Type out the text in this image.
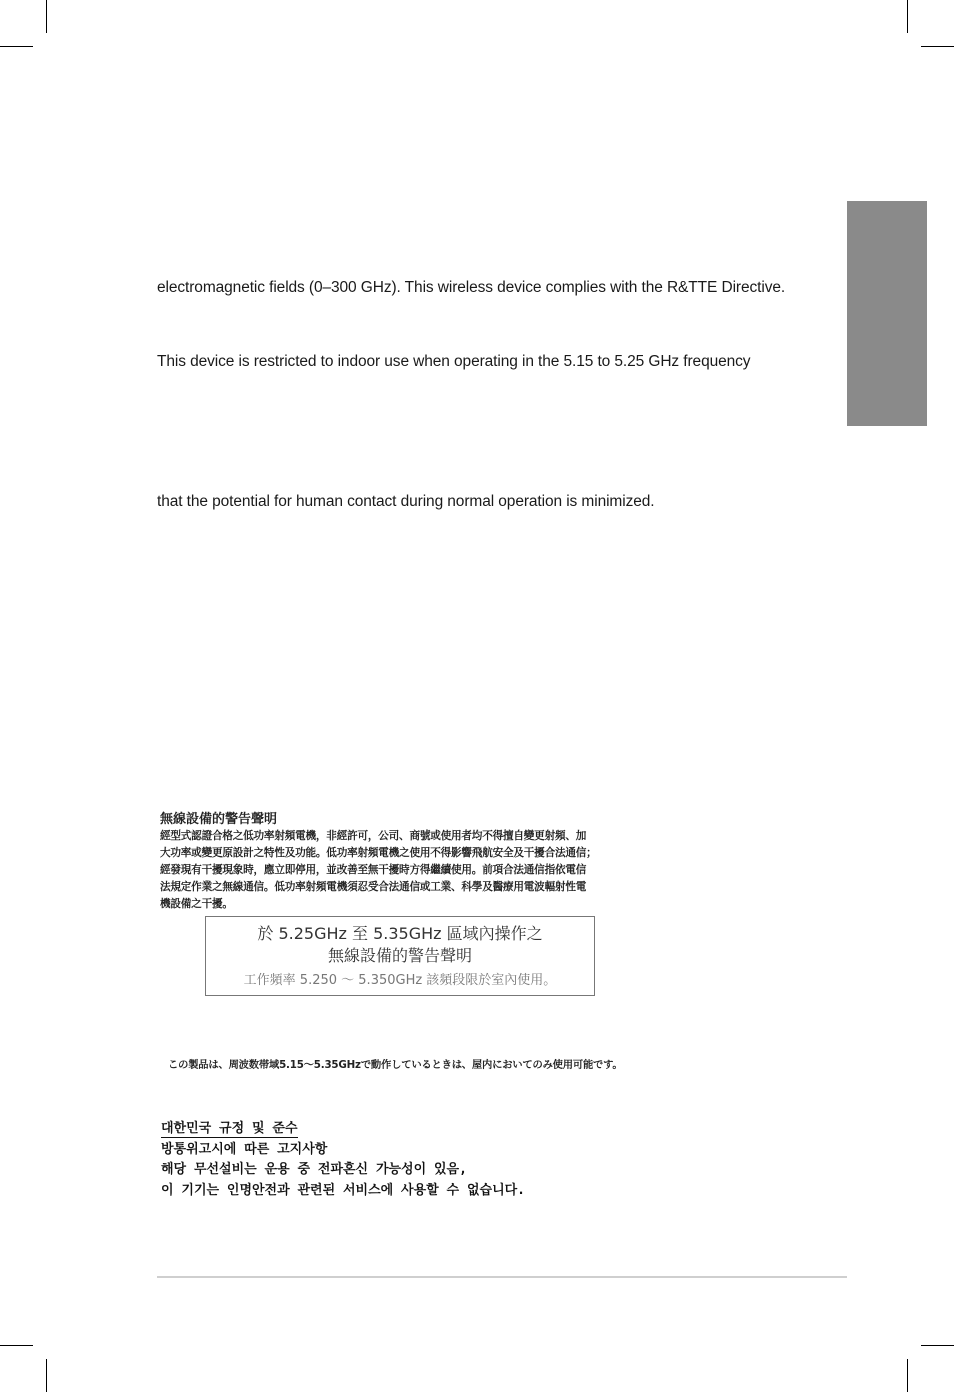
electromagnetic fields (0–300 GHz). This wireless device complies with the R&TTE Directive.
This device is restricted to indoor use when operating in the 5.15 to 5.25 GHz frequency
that the potential for human contact during normal operation is minimized.
無線設備的警告聲明
經型式認證合格之低功率射頻電機，非經許可，公司、商號或使用者均不得擅自變更射頻、加
大功率或變更原設計之特性及功能。低功率射頻電機之使用不得影響飛航安全及干擾合法通信；
經發現有干擾現象時，應立即停用，並改善至無干擾時方得繼續使用。前項合法通信指依電信
法規定作業之無線通信。低功率射頻電機須忍受合法通信或工業、科學及醫療用電波輻射性電
機設備之干擾。
於 5.25GHz 至 5.35GHz 區域內操作之
無線設備的警告聲明
工作頻率 5.250 ～ 5.350GHz 該頻段限於室內使用。
この製品は、周波数帯域5.15～5.35GHzで動作しているときは、屋内においてのみ使用可能です。
대한민국 규정 및 준수
방통위고시에 따른 고지사항
해당 무선설비는 운용 중 전파혼신 가능성이 있음,
이 기기는 인명안전과 관련된 서비스에 사용할 수 없습니다.
